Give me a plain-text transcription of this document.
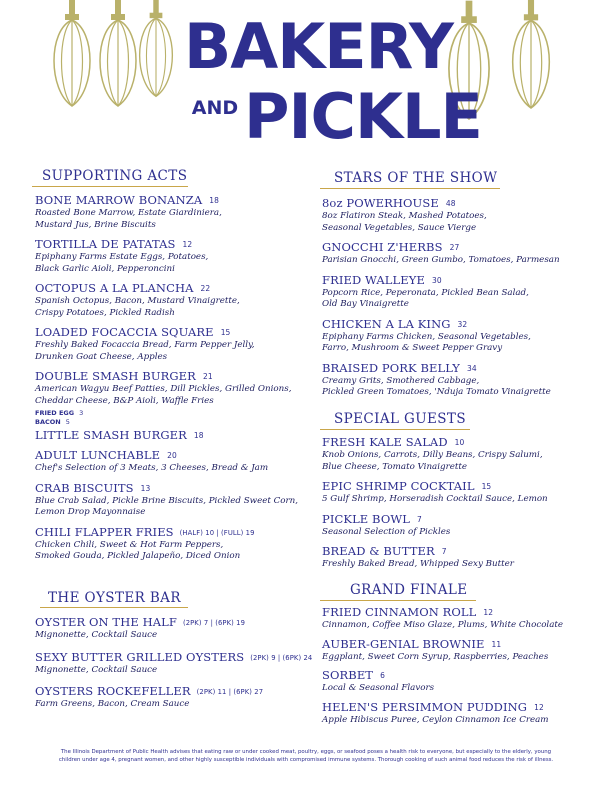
BAKERY
AND PICKLE
SUPPORTING ACTS
BONE MARROW BONANZA 18
Roasted Bone Marrow, Estate Giardiniera,
Mustard Jus, Brine Biscuits
TORTILLA DE PATATAS 12
Epiphany Farms Estate Eggs, Potatoes,
Black Garlic Aioli, Pepperoncini
OCTOPUS A LA PLANCHA 22
Spanish Octopus, Bacon, Mustard Vinaigrette,
Crispy Potatoes, Pickled Radish
LOADED FOCACCIA SQUARE 15
Freshly Baked Focaccia Bread, Farm Pepper Jelly,
Drunken Goat Cheese, Apples
DOUBLE SMASH BURGER 21
American Wagyu Beef Patties, Dill Pickles, Grilled Onions,
Cheddar Cheese, B&P Aioli, Waffle Fries
FRIED EGG 3
BACON 5
LITTLE SMASH BURGER 18
ADULT LUNCHABLE 20
Chef's Selection of 3 Meats, 3 Cheeses, Bread & Jam
CRAB BISCUITS 13
Blue Crab Salad, Pickle Brine Biscuits, Pickled Sweet Corn,
Lemon Drop Mayonnaise
CHILI FLAPPER FRIES (HALF) 10 | (FULL) 19
Chicken Chili, Sweet & Hot Farm Peppers,
Smoked Gouda, Pickled Jalapeño, Diced Onion
THE OYSTER BAR
OYSTER ON THE HALF (2PK) 7 | (6PK) 19
Mignonette, Cocktail Sauce
SEXY BUTTER GRILLED OYSTERS (2PK) 9 | (6PK) 24
Mignonette, Cocktail Sauce
OYSTERS ROCKEFELLER (2PK) 11 | (6PK) 27
Farm Greens, Bacon, Cream Sauce
STARS OF THE SHOW
8oz POWERHOUSE 48
8oz Flatiron Steak, Mashed Potatoes,
Seasonal Vegetables, Sauce Vierge
GNOCCHI Z'HERBS 27
Parisian Gnocchi, Green Gumbo, Tomatoes, Parmesan
FRIED WALLEYE 30
Popcorn Rice, Peperonata, Pickled Bean Salad,
Old Bay Vinaigrette
CHICKEN A LA KING 32
Epiphany Farms Chicken, Seasonal Vegetables,
Farro, Mushroom & Sweet Pepper Gravy
BRAISED PORK BELLY 34
Creamy Grits, Smothered Cabbage,
Pickled Green Tomatoes, 'Nduja Tomato Vinaigrette
SPECIAL GUESTS
FRESH KALE SALAD 10
Knob Onions, Carrots, Dilly Beans, Crispy Salumi,
Blue Cheese, Tomato Vinaigrette
EPIC SHRIMP COCKTAIL 15
5 Gulf Shrimp, Horseradish Cocktail Sauce, Lemon
PICKLE BOWL 7
Seasonal Selection of Pickles
BREAD & BUTTER 7
Freshly Baked Bread, Whipped Sexy Butter
GRAND FINALE
FRIED CINNAMON ROLL 12
Cinnamon, Coffee Miso Glaze, Plums, White Chocolate
AUBER-GENIAL BROWNIE 11
Eggplant, Sweet Corn Syrup, Raspberries, Peaches
SORBET 6
Local & Seasonal Flavors
HELEN'S PERSIMMON PUDDING 12
Apple Hibiscus Puree, Ceylon Cinnamon Ice Cream
The Illinois Department of Public Health advises that eating raw or under cooked meat, poultry, eggs, or seafood poses a health risk to everyone, but especially to the elderly, young
children under age 4, pregnant women, and other highly susceptible individuals with compromised immune systems. Thorough cooking of such animal food reduces the risk of illness.
